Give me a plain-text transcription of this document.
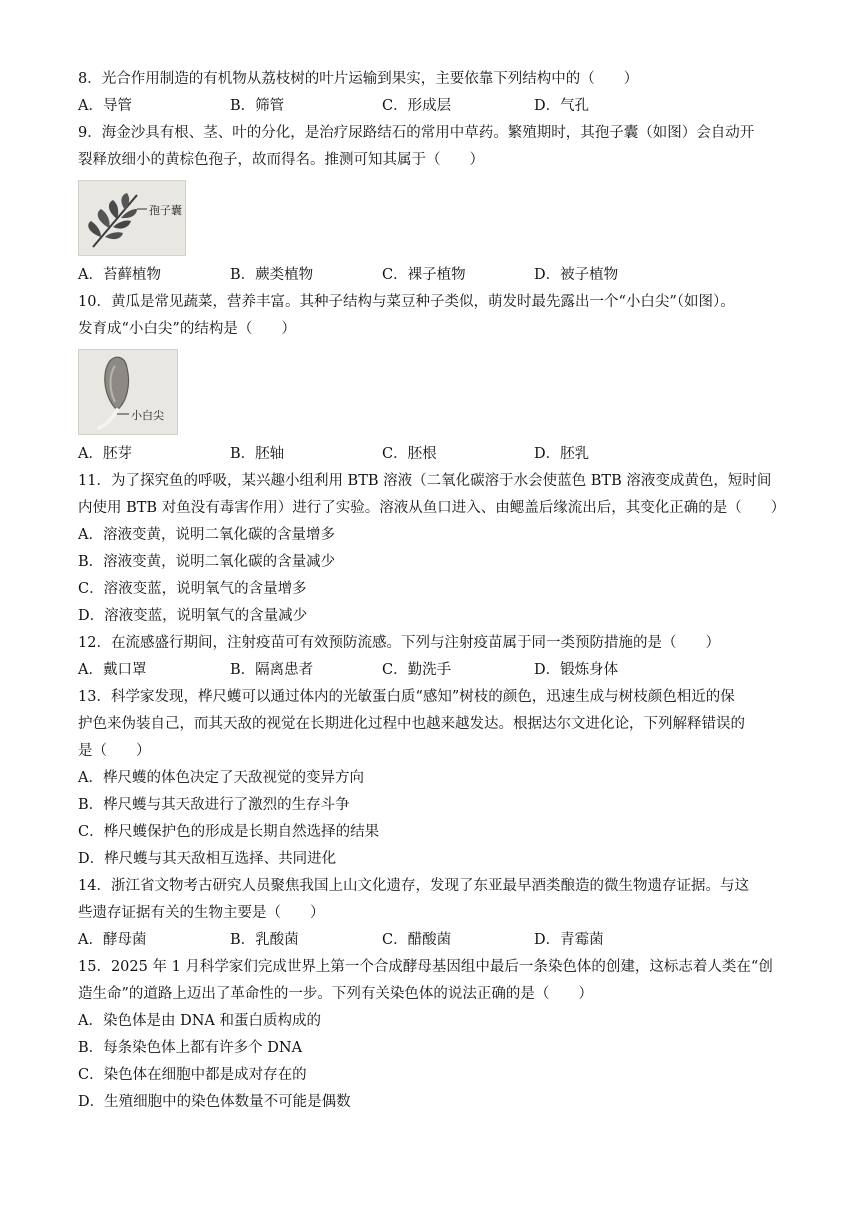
8．光合作用制造的有机物从荔枝树的叶片运输到果实，主要依靠下列结构中的（　　）
A．导管	B．筛管	C．形成层	D．气孔
9．海金沙具有根、茎、叶的分化，是治疗尿路结石的常用中草药。繁殖期时，其孢子囊（如图）会自动开
裂释放细小的黄棕色孢子，故而得名。推测可知其属于（　　）
孢子囊
A．苔藓植物	B．蕨类植物	C．裸子植物	D．被子植物
10．黄瓜是常见蔬菜，营养丰富。其种子结构与菜豆种子类似，萌发时最先露出一个“小白尖”（如图）。
发育成“小白尖”的结构是（　　）
小白尖
A．胚芽	B．胚轴	C．胚根	D．胚乳
11．为了探究鱼的呼吸，某兴趣小组利用 BTB 溶液（二氧化碳溶于水会使蓝色 BTB 溶液变成黄色，短时间
内使用 BTB 对鱼没有毒害作用）进行了实验。溶液从鱼口进入、由鳃盖后缘流出后，其变化正确的是（　　）
A．溶液变黄，说明二氧化碳的含量增多
B．溶液变黄，说明二氧化碳的含量减少
C．溶液变蓝，说明氧气的含量增多
D．溶液变蓝，说明氧气的含量减少
12．在流感盛行期间，注射疫苗可有效预防流感。下列与注射疫苗属于同一类预防措施的是（　　）
A．戴口罩	B．隔离患者	C．勤洗手	D．锻炼身体
13．科学家发现，桦尺蠖可以通过体内的光敏蛋白质“感知”树枝的颜色，迅速生成与树枝颜色相近的保
护色来伪装自己，而其天敌的视觉在长期进化过程中也越来越发达。根据达尔文进化论，下列解释错误的
是（　　）
A．桦尺蠖的体色决定了天敌视觉的变异方向
B．桦尺蠖与其天敌进行了激烈的生存斗争
C．桦尺蠖保护色的形成是长期自然选择的结果
D．桦尺蠖与其天敌相互选择、共同进化
14．浙江省文物考古研究人员聚焦我国上山文化遗存，发现了东亚最早酒类酿造的微生物遗存证据。与这
些遗存证据有关的生物主要是（　　）
A．酵母菌	B．乳酸菌	C．醋酸菌	D．青霉菌
15．2025 年 1 月科学家们完成世界上第一个合成酵母基因组中最后一条染色体的创建，这标志着人类在“创
造生命”的道路上迈出了革命性的一步。下列有关染色体的说法正确的是（　　）
A．染色体是由 DNA 和蛋白质构成的
B．每条染色体上都有许多个 DNA
C．染色体在细胞中都是成对存在的
D．生殖细胞中的染色体数量不可能是偶数
